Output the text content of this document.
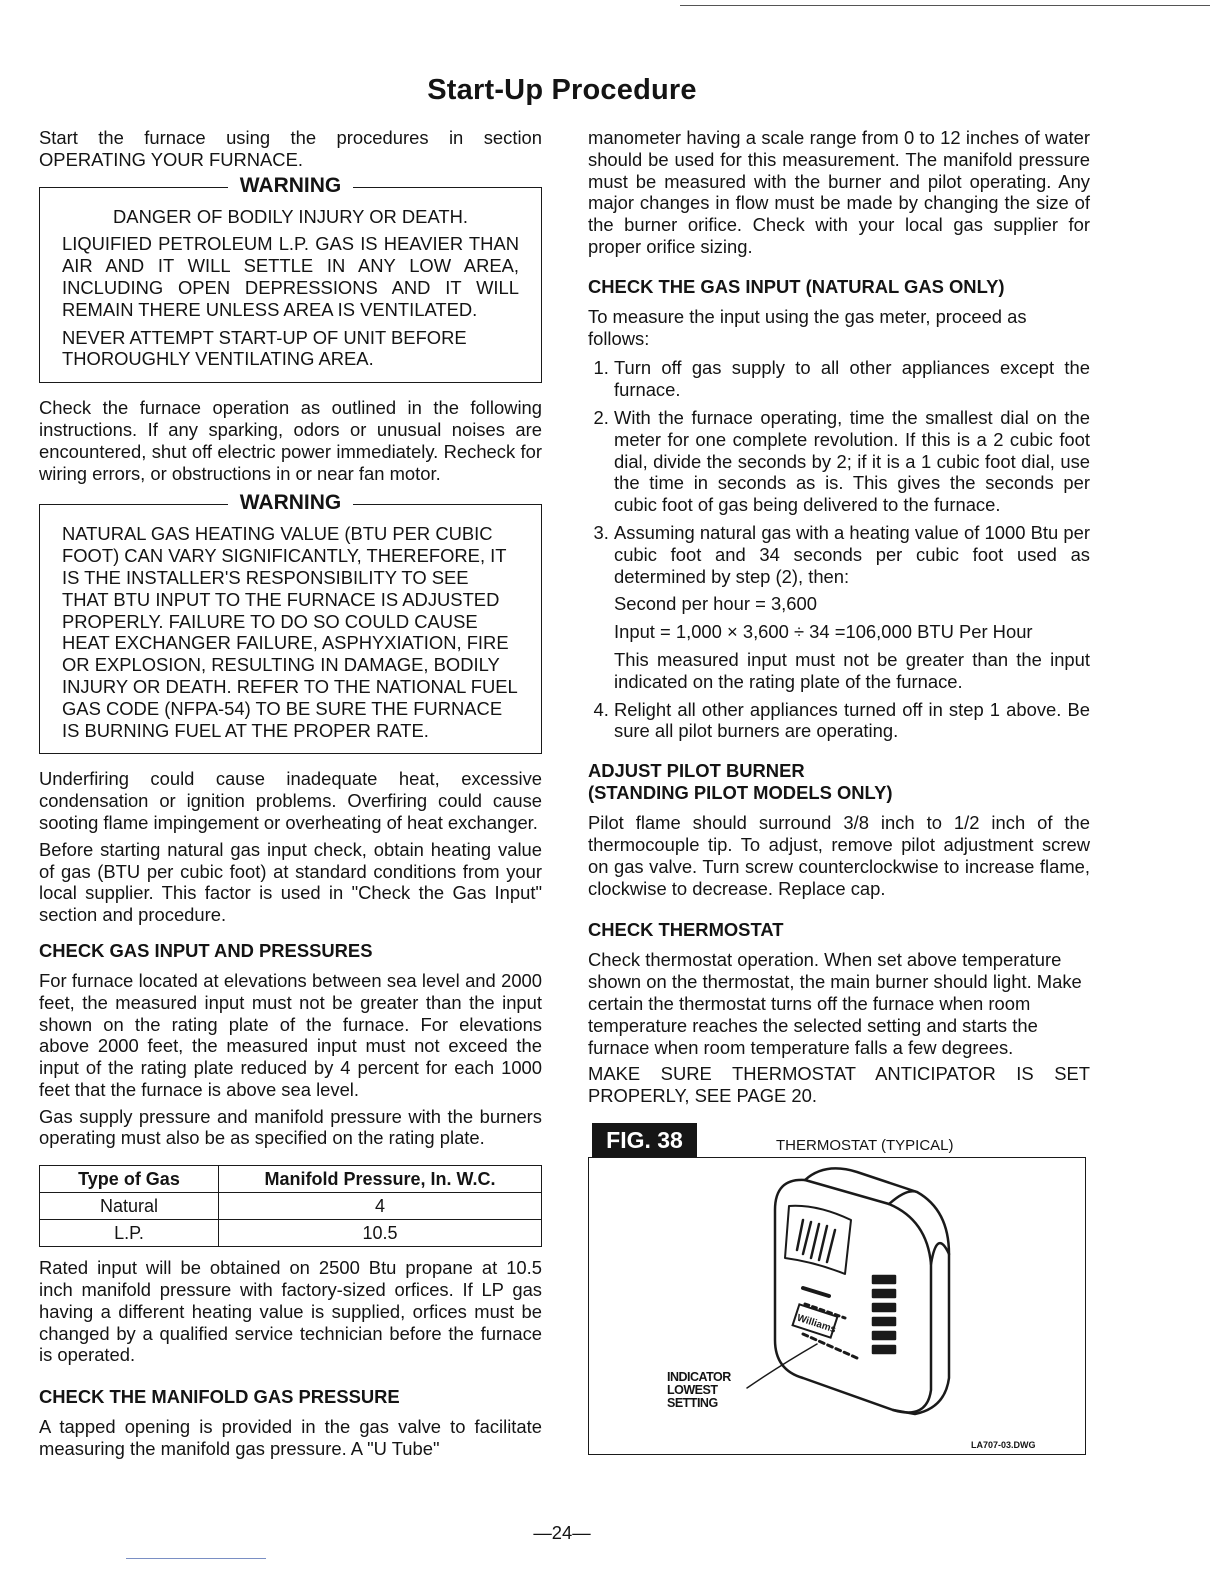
Start-Up Procedure

Start the furnace using the procedures in section OPERATING YOUR FURNACE.

WARNING

DANGER OF BODILY INJURY OR DEATH.

LIQUIFIED PETROLEUM L.P. GAS IS HEAVIER THAN AIR AND IT WILL SETTLE IN ANY LOW AREA, INCLUDING OPEN DEPRESSIONS AND IT WILL REMAIN THERE UNLESS AREA IS VENTILATED.

NEVER ATTEMPT START-UP OF UNIT BEFORE THOROUGHLY VENTILATING AREA.

Check the furnace operation as outlined in the following instructions. If any sparking, odors or unusual noises are encountered, shut off electric power immediately. Recheck for wiring errors, or obstructions in or near fan motor.

WARNING

NATURAL GAS HEATING VALUE (BTU PER CUBIC FOOT) CAN VARY SIGNIFICANTLY, THEREFORE, IT IS THE INSTALLER'S RESPONSIBILITY TO SEE THAT BTU INPUT TO THE FURNACE IS ADJUSTED PROPERLY. FAILURE TO DO SO COULD CAUSE HEAT EXCHANGER FAILURE, ASPHYXIATION, FIRE OR EXPLOSION, RESULTING IN DAMAGE, BODILY INJURY OR DEATH. REFER TO THE NATIONAL FUEL GAS CODE (NFPA-54) TO BE SURE THE FURNACE IS BURNING FUEL AT THE PROPER RATE.

Underfiring could cause inadequate heat, excessive condensation or ignition problems. Overfiring could cause sooting flame impingement or overheating of heat exchanger.

Before starting natural gas input check, obtain heating value of gas (BTU per cubic foot) at standard conditions from your local supplier. This factor is used in "Check the Gas Input" section and procedure.

CHECK GAS INPUT AND PRESSURES

For furnace located at elevations between sea level and 2000 feet, the measured input must not be greater than the input shown on the rating plate of the furnace. For elevations above 2000 feet, the measured input must not exceed the input of the rating plate reduced by 4 percent for each 1000 feet that the furnace is above sea level.

Gas supply pressure and manifold pressure with the burners operating must also be as specified on the rating plate.

Type of Gas	Manifold Pressure, In. W.C.
Natural	4
L.P.	10.5

Rated input will be obtained on 2500 Btu propane at 10.5 inch manifold pressure with factory-sized orfices. If LP gas having a different heating value is supplied, orfices must be changed by a qualified service technician before the furnace is operated.

CHECK THE MANIFOLD GAS PRESSURE

A tapped opening is provided in the gas valve to facilitate measuring the manifold gas pressure. A "U Tube"

manometer having a scale range from 0 to 12 inches of water should be used for this measurement. The manifold pressure must be measured with the burner and pilot operating. Any major changes in flow must be made by changing the size of the burner orifice. Check with your local gas supplier for proper orifice sizing.

CHECK THE GAS INPUT (NATURAL GAS ONLY)

To measure the input using the gas meter, proceed as follows:

1. Turn off gas supply to all other appliances except the furnace.
2. With the furnace operating, time the smallest dial on the meter for one complete revolution. If this is a 2 cubic foot dial, divide the seconds by 2; if it is a 1 cubic foot dial, use the time in seconds as is. This gives the seconds per cubic foot of gas being delivered to the furnace.

3. Assuming natural gas with a heating value of 1000 Btu per cubic foot and 34 seconds per cubic foot used as determined by step (2), then:

Second per hour = 3,600

Input = 1,000 × 3,600 ÷ 34 =106,000 BTU Per Hour

This measured input must not be greater than the input indicated on the rating plate of the furnace.

4. Relight all other appliances turned off in step 1 above. Be sure all pilot burners are operating.
ADJUST PILOT BURNER
(STANDING PILOT MODELS ONLY)

Pilot flame should surround 3/8 inch to 1/2 inch of the thermocouple tip. To adjust, remove pilot adjustment screw on gas valve. Turn screw counterclockwise to increase flame, clockwise to decrease. Replace cap.

CHECK THERMOSTAT

Check thermostat operation. When set above temperature shown on the thermostat, the main burner should light. Make certain the thermostat turns off the furnace when room temperature reaches the selected setting and starts the furnace when room temperature falls a few degrees.

MAKE SURE THERMOSTAT ANTICIPATOR IS SET PROPERLY, SEE PAGE 20.

FIG. 38	THERMOSTAT (TYPICAL)
Williams
INDICATOR
LOWEST
SETTING
LA707-03.DWG
—24—
